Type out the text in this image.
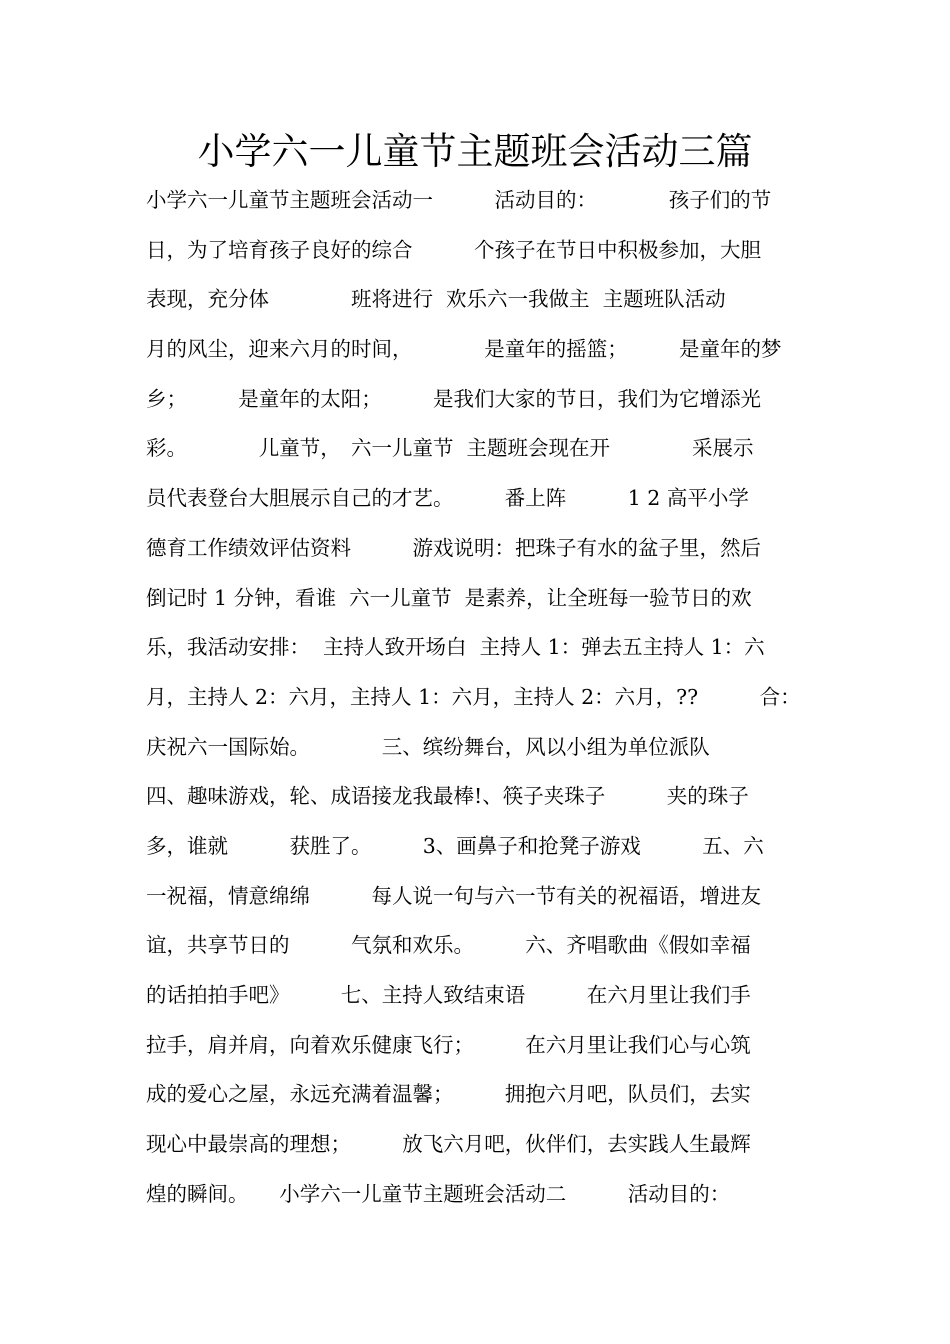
小学六一儿童节主题班会活动三篇
小学六一儿童节主题班会活动一　　　活动目的：　　　　孩子们的节
日，为了培育孩子良好的综合　　　个孩子在节日中积极参加，大胆
表现，充分体　　　　班将进行  欢乐六一我做主  主题班队活动
月的风尘，迎来六月的时间，　　　　是童年的摇篮；　　　是童年的梦
乡；　　　是童年的太阳；　　　是我们大家的节日，我们为它增添光
彩。　　　　儿童节，　六一儿童节  主题班会现在开　　　　采展示
员代表登台大胆展示自己的才艺。　　　番上阵　　　1 2 高平小学
德育工作绩效评估资料　　　游戏说明：把珠子有水的盆子里，然后
倒记时 1 分钟，看谁  六一儿童节  是素养，让全班每一验节日的欢
乐，我活动安排：  主持人致开场白  主持人 1：弹去五主持人 1：六
月，主持人 2：六月，主持人 1：六月，主持人 2：六月，??　　　合：
庆祝六一国际始。　　　　三、缤纷舞台，风以小组为单位派队
四、趣味游戏，轮、成语接龙我最棒!、筷子夹珠子　　　夹的珠子
多，谁就　　　获胜了。　　　3、画鼻子和抢凳子游戏　　　五、六
一祝福，情意绵绵　　　每人说一句与六一节有关的祝福语，增进友
谊，共享节日的　　　气氛和欢乐。　　　六、齐唱歌曲《假如幸福
的话拍拍手吧》　　　七、主持人致结束语　　　在六月里让我们手
拉手，肩并肩，向着欢乐健康飞行；　　　在六月里让我们心与心筑
成的爱心之屋，永远充满着温馨；　　　拥抱六月吧，队员们，去实
现心中最崇高的理想；　　　放飞六月吧，伙伴们，去实践人生最辉
煌的瞬间。　　小学六一儿童节主题班会活动二　　　活动目的：
